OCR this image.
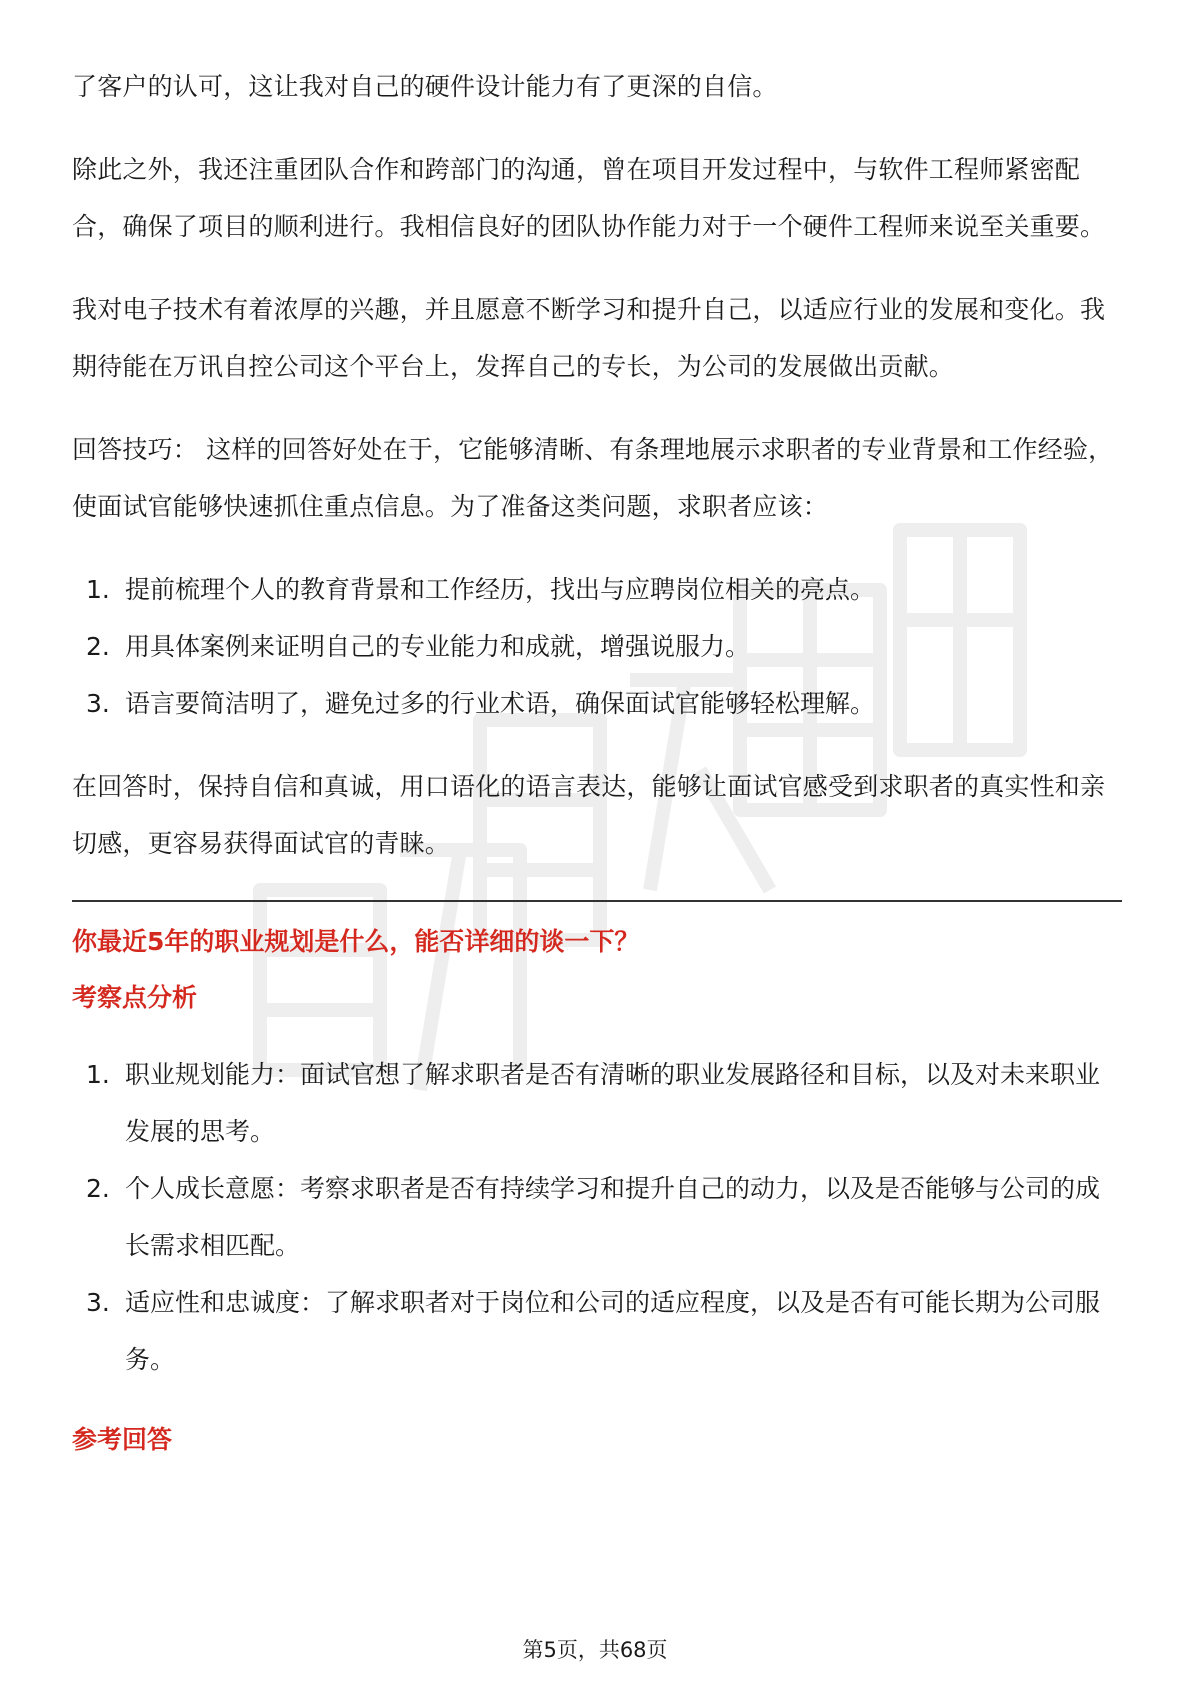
了客户的认可，这让我对自己的硬件设计能力有了更深的自信。

除此之外，我还注重团队合作和跨部门的沟通，曾在项目开发过程中，与软件工程师紧密配合，确保了项目的顺利进行。我相信良好的团队协作能力对于一个硬件工程师来说至关重要。

我对电子技术有着浓厚的兴趣，并且愿意不断学习和提升自己，以适应行业的发展和变化。我期待能在万讯自控公司这个平台上，发挥自己的专长，为公司的发展做出贡献。

回答技巧： 这样的回答好处在于，它能够清晰、有条理地展示求职者的专业背景和工作经验，使面试官能够快速抓住重点信息。为了准备这类问题，求职者应该：

1. 提前梳理个人的教育背景和工作经历，找出与应聘岗位相关的亮点。
2. 用具体案例来证明自己的专业能力和成就，增强说服力。
3. 语言要简洁明了，避免过多的行业术语，确保面试官能够轻松理解。

在回答时，保持自信和真诚，用口语化的语言表达，能够让面试官感受到求职者的真实性和亲切感，更容易获得面试官的青睐。

你最近5年的职业规划是什么，能否详细的谈一下？
考察点分析
1. 职业规划能力：面试官想了解求职者是否有清晰的职业发展路径和目标，以及对未来职业发展的思考。
2. 个人成长意愿：考察求职者是否有持续学习和提升自己的动力，以及是否能够与公司的成长需求相匹配。
3. 适应性和忠诚度：了解求职者对于岗位和公司的适应程度，以及是否有可能长期为公司服务。
参考回答
第5页，共68页
